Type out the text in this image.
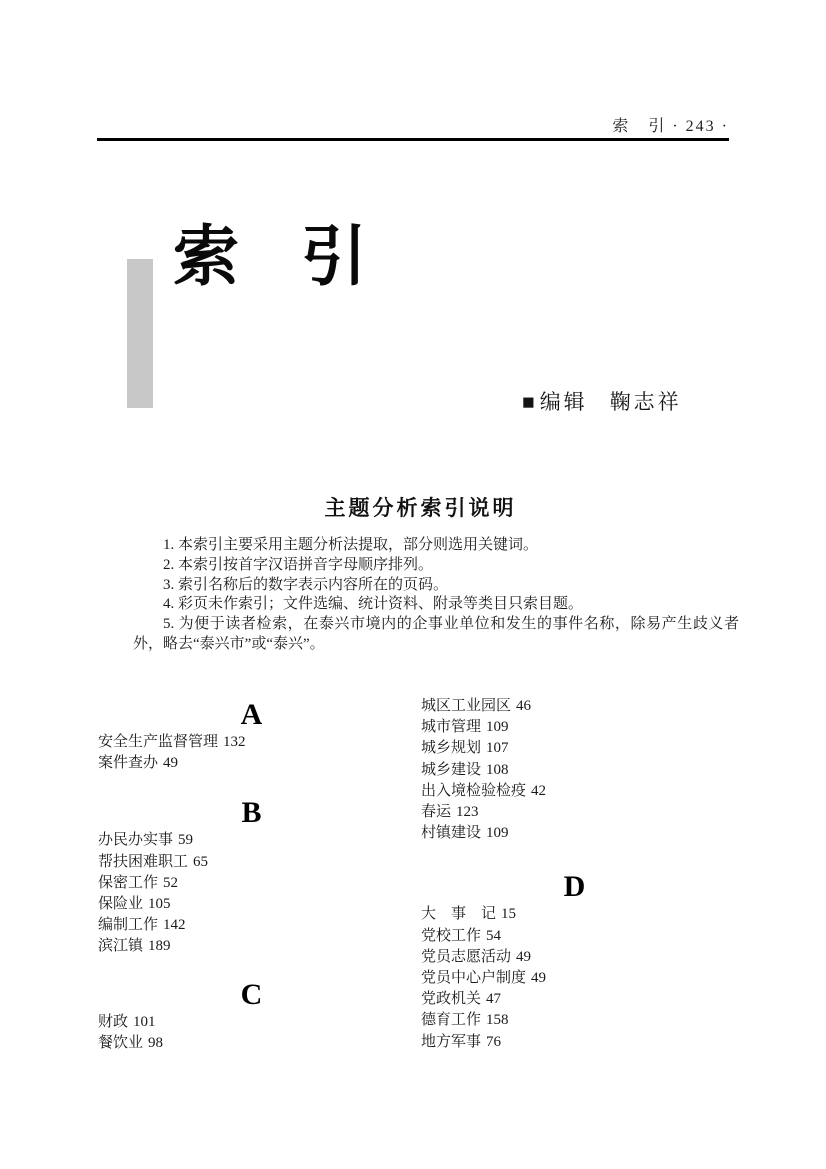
索　引 · 243 ·
索 引
■编辑 鞠志祥
主题分析索引说明

1. 本索引主要采用主题分析法提取，部分则选用关键词。

2. 本索引按首字汉语拼音字母顺序排列。

3. 索引名称后的数字表示内容所在的页码。

4. 彩页未作索引；文件选编、统计资料、附录等类目只索目题。

5. 为便于读者检索，在泰兴市境内的企事业单位和发生的事件名称，除易产生歧义者外，略去“泰兴市”或“泰兴”。

A
安全生产监督管理 132
案件查办 49
B
办民办实事 59
帮扶困难职工 65
保密工作 52
保险业 105
编制工作 142
滨江镇 189
C
财政 101
餐饮业 98
城区工业园区 46
城市管理 109
城乡规划 107
城乡建设 108
出入境检验检疫 42
春运 123
村镇建设 109
D
大　事　记 15
党校工作 54
党员志愿活动 49
党员中心户制度 49
党政机关 47
德育工作 158
地方军事 76
